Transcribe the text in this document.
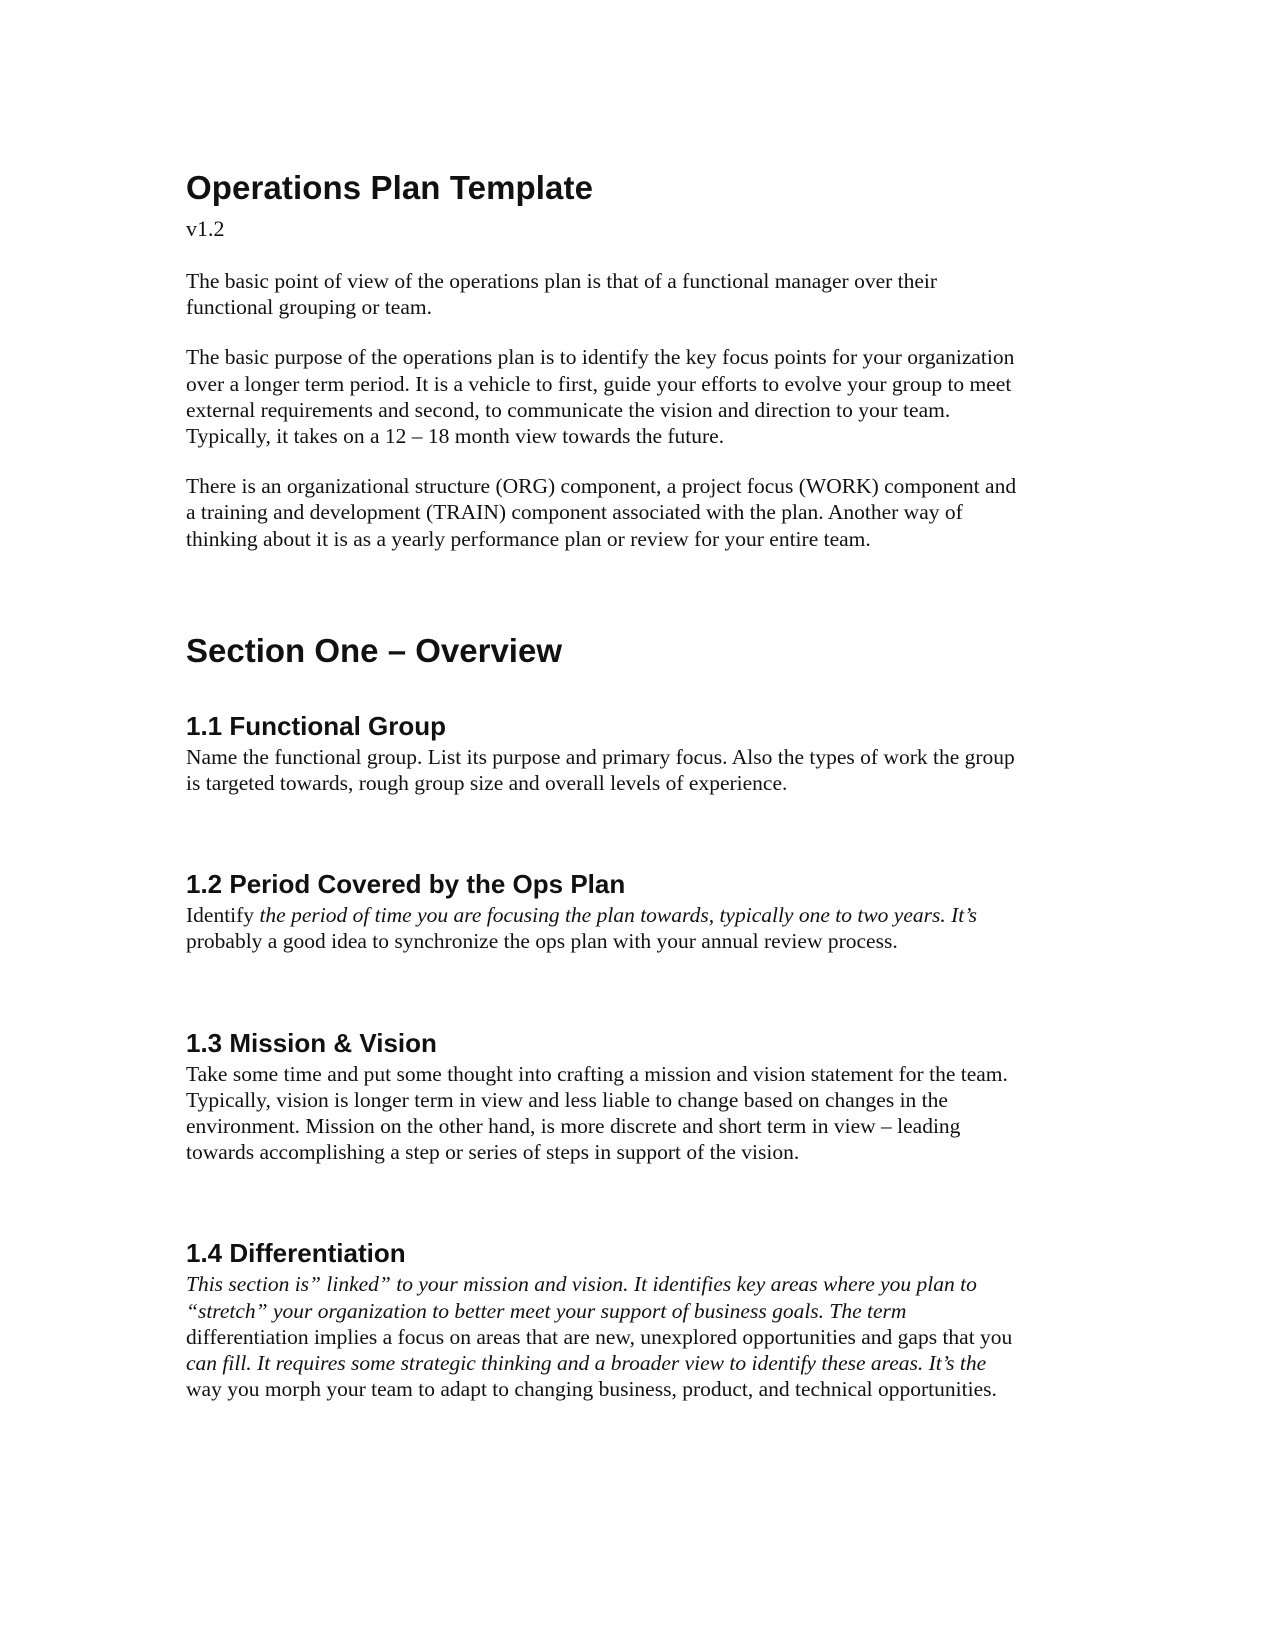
Operations Plan Template
v1.2

The basic point of view of the operations plan is that of a functional manager over their
functional grouping or team.

The basic purpose of the operations plan is to identify the key focus points for your organization
over a longer term period. It is a vehicle to first, guide your efforts to evolve your group to meet
external requirements and second, to communicate the vision and direction to your team.
Typically, it takes on a 12 – 18 month view towards the future.

There is an organizational structure (ORG) component, a project focus (WORK) component and
a training and development (TRAIN) component associated with the plan. Another way of
thinking about it is as a yearly performance plan or review for your entire team.

Section One – Overview
1.1 Functional Group

Name the functional group. List its purpose and primary focus. Also the types of work the group
is targeted towards, rough group size and overall levels of experience.

1.2 Period Covered by the Ops Plan

Identify the period of time you are focusing the plan towards, typically one to two years. It’s
probably a good idea to synchronize the ops plan with your annual review process.

1.3 Mission & Vision

Take some time and put some thought into crafting a mission and vision statement for the team.
Typically, vision is longer term in view and less liable to change based on changes in the
environment. Mission on the other hand, is more discrete and short term in view – leading
towards accomplishing a step or series of steps in support of the vision.

1.4 Differentiation

This section is” linked” to your mission and vision. It identifies key areas where you plan to
“stretch” your organization to better meet your support of business goals. The term
differentiation implies a focus on areas that are new, unexplored opportunities and gaps that you
can fill. It requires some strategic thinking and a broader view to identify these areas. It’s the
way you morph your team to adapt to changing business, product, and technical opportunities.
